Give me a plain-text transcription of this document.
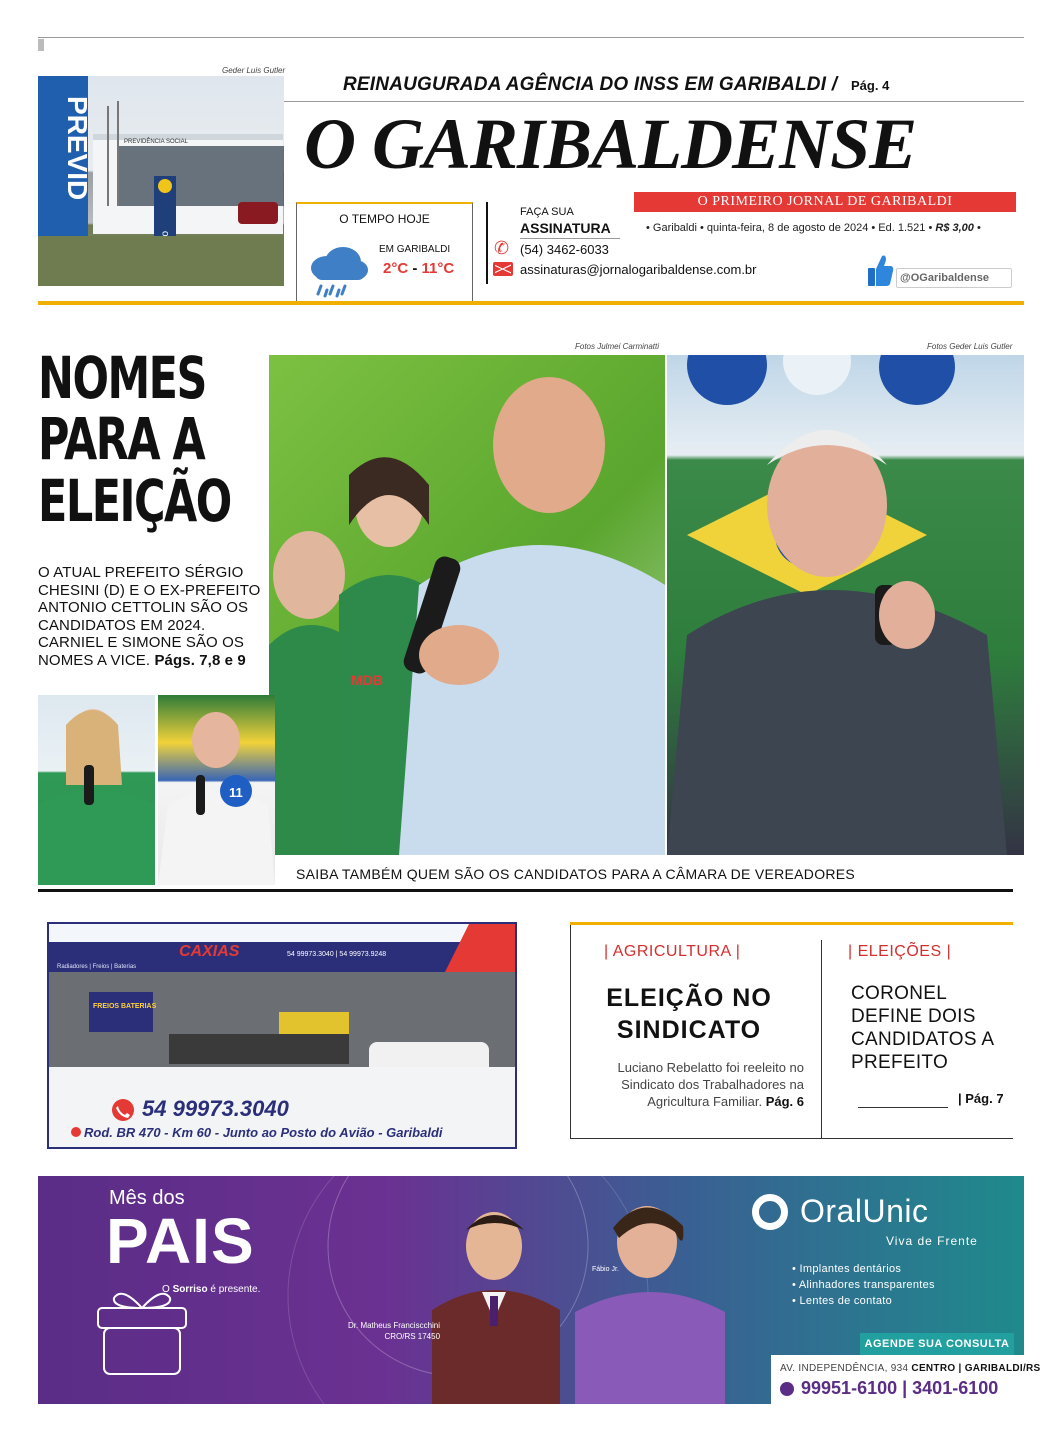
PREVID	PREVIDÊNCIA SOCIAL
Geder Luis Gutler
REINAUGURADA AGÊNCIA DO INSS EM GARIBALDI / Pág. 4
O GARIBALDENSE
O PRIMEIRO JORNAL DE GARIBALDI
• Garibaldi • quinta-feira, 8 de agosto de 2024 • Ed. 1.521 • R$ 3,00 •
O TEMPO HOJE
EM GARIBALDI
2°C - 11°C
FAÇA SUA
ASSINATURA
✆ (54) 3462-6033
assinaturas@jornalogaribaldense.com.br
@OGaribaldense
NOMES
PARA A
ELEIÇÃO
O ATUAL PREFEITO SÉRGIO CHESINI (D) E O EX-PREFEITO ANTONIO CETTOLIN SÃO OS CANDIDATOS EM 2024. CARNIEL E SIMONE SÃO OS NOMES A VICE. Págs. 7,8 e 9
Fotos Julmei Carminatti	Fotos Geder Luis Gutler
MDB
11
SAIBA TAMBÉM QUEM SÃO OS CANDIDATOS PARA A CÂMARA DE VEREADORES
RADIADORES CAXIAS	54 99973.3040 | 54 99973.9248
Radiadores | Freios | Baterias
FREIOS BATERIAS
54 99973.3040
Rod. BR 470 - Km 60 - Junto ao Posto do Avião - Garibaldi
| AGRICULTURA |
ELEIÇÃO NO SINDICATO
Luciano Rebelatto foi reeleito no Sindicato dos Trabalhadores na Agricultura Familiar. Pág. 6
| ELEIÇÕES |
CORONEL DEFINE DOIS CANDIDATOS A PREFEITO
| Pág. 7
Mês dos
PAIS
O Sorriso é presente.
Dr. Matheus Franciscchini
CRO/RS 17450
Fábio Jr.
OralUnic
Viva de Frente
• Implantes dentários
• Alinhadores transparentes
• Lentes de contato
AGENDE SUA CONSULTA
AV. INDEPENDÊNCIA, 934 CENTRO | GARIBALDI/RS
99951-6100 | 3401-6100
